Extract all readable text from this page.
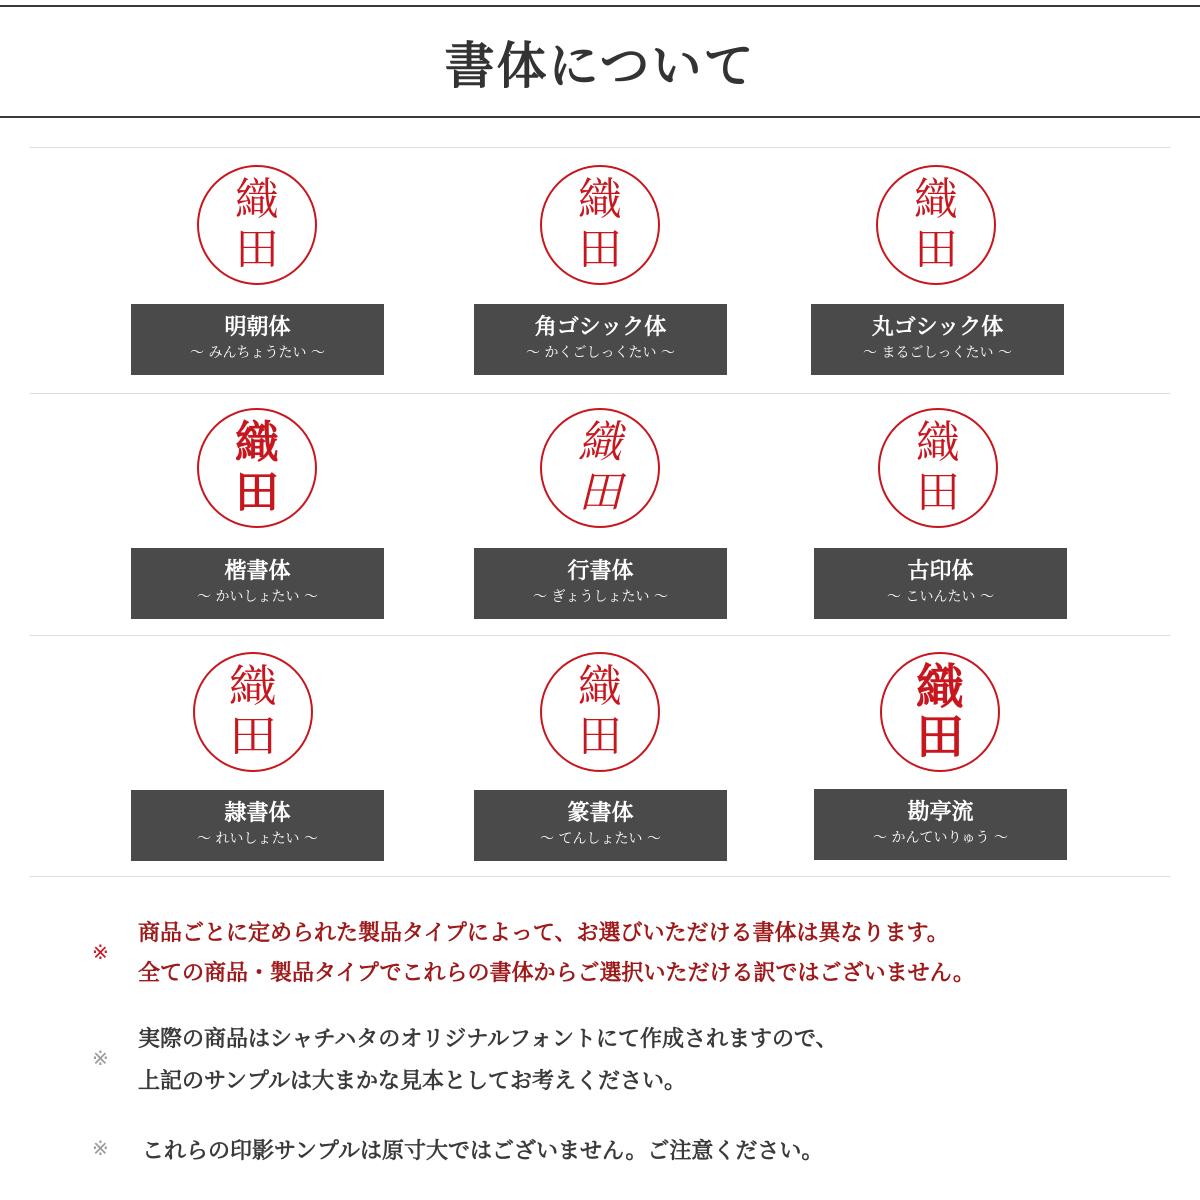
書体について
織
田
明朝体
〜 みんちょうたい 〜
織
田
角ゴシック体
〜 かくごしっくたい 〜
織
田
丸ゴシック体
〜 まるごしっくたい 〜
織
田
楷書体
〜 かいしょたい 〜
織
田
行書体
〜 ぎょうしょたい 〜
織
田
古印体
〜 こいんたい 〜
織
田
隷書体
〜 れいしょたい 〜
織
田
篆書体
〜 てんしょたい 〜
織
田
勘亭流
〜 かんていりゅう 〜
※
商品ごとに定められた製品タイプによって、お選びいただける書体は異なります。
全ての商品・製品タイプでこれらの書体からご選択いただける訳ではございません。
※
実際の商品はシャチハタのオリジナルフォントにて作成されますので、
上記のサンプルは大まかな見本としてお考えください。
※ これらの印影サンプルは原寸大ではございません。ご注意ください。
